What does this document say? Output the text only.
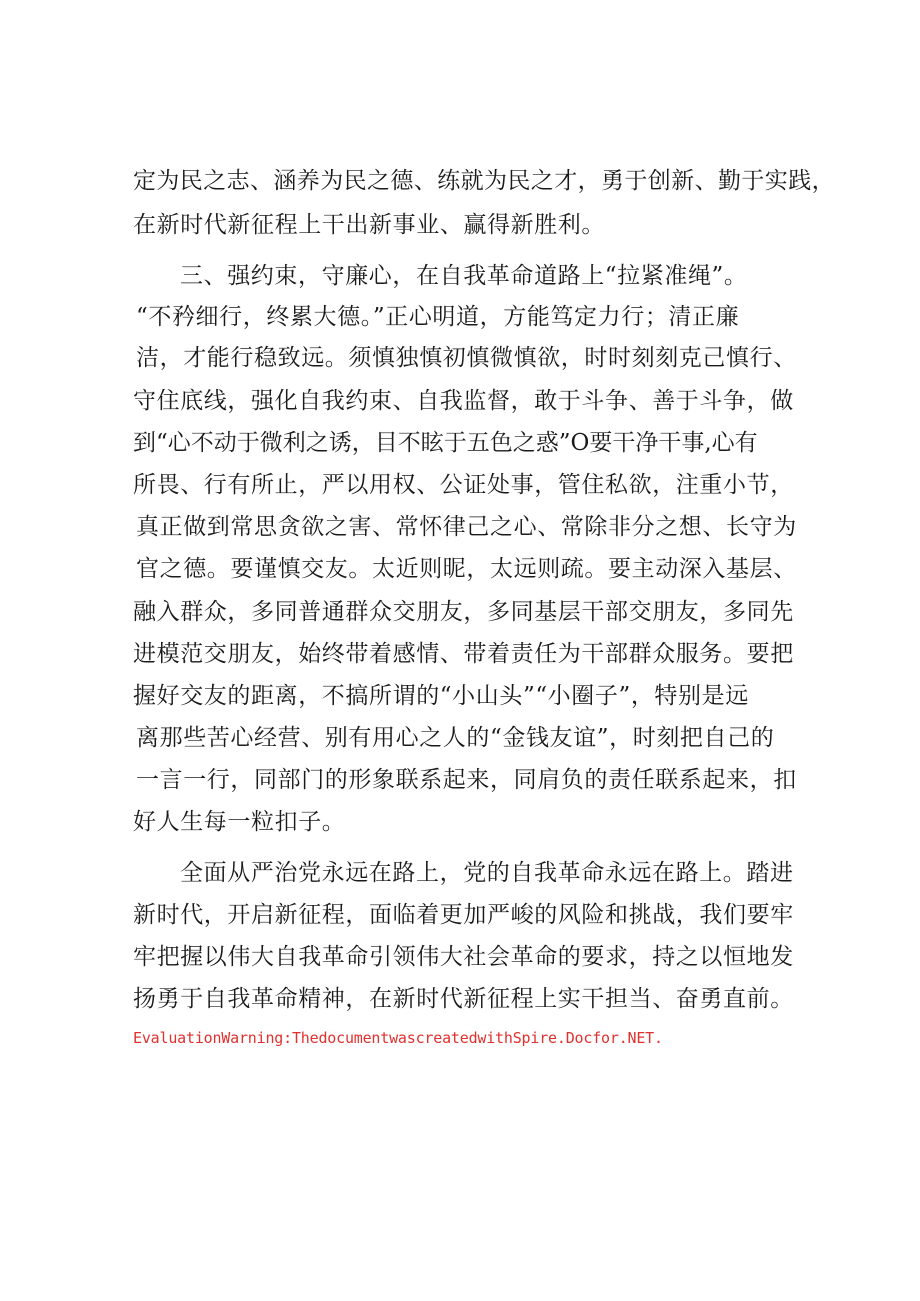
定为民之志、涵养为民之德、练就为民之才，勇于创新、勤于实践，
在新时代新征程上干出新事业、赢得新胜利。
三、强约束，守廉心，在自我革命道路上“拉紧准绳”。
“不矜细行，终累大德。”正心明道，方能笃定力行；清正廉
洁，才能行稳致远。须慎独慎初慎微慎欲，时时刻刻克己慎行、
守住底线，强化自我约束、自我监督，敢于斗争、善于斗争，做
到“心不动于微利之诱，目不眩于五色之惑”O要干净干事,心有
所畏、行有所止，严以用权、公证处事，管住私欲，注重小节，
真正做到常思贪欲之害、常怀律己之心、常除非分之想、长守为
官之德。要谨慎交友。太近则昵，太远则疏。要主动深入基层、
融入群众，多同普通群众交朋友，多同基层干部交朋友，多同先
进模范交朋友，始终带着感情、带着责任为干部群众服务。要把
握好交友的距离，不搞所谓的“小山头”“小圈子”，特别是远
离那些苦心经营、别有用心之人的“金钱友谊”，时刻把自己的
一言一行，同部门的形象联系起来，同肩负的责任联系起来，扣
好人生每一粒扣子。
全面从严治党永远在路上，党的自我革命永远在路上。踏进
新时代，开启新征程，面临着更加严峻的风险和挑战，我们要牢
牢把握以伟大自我革命引领伟大社会革命的要求，持之以恒地发
扬勇于自我革命精神，在新时代新征程上实干担当、奋勇直前。
EvaluationWarning:ThedocumentwascreatedwithSpire.Docfor.NET.
